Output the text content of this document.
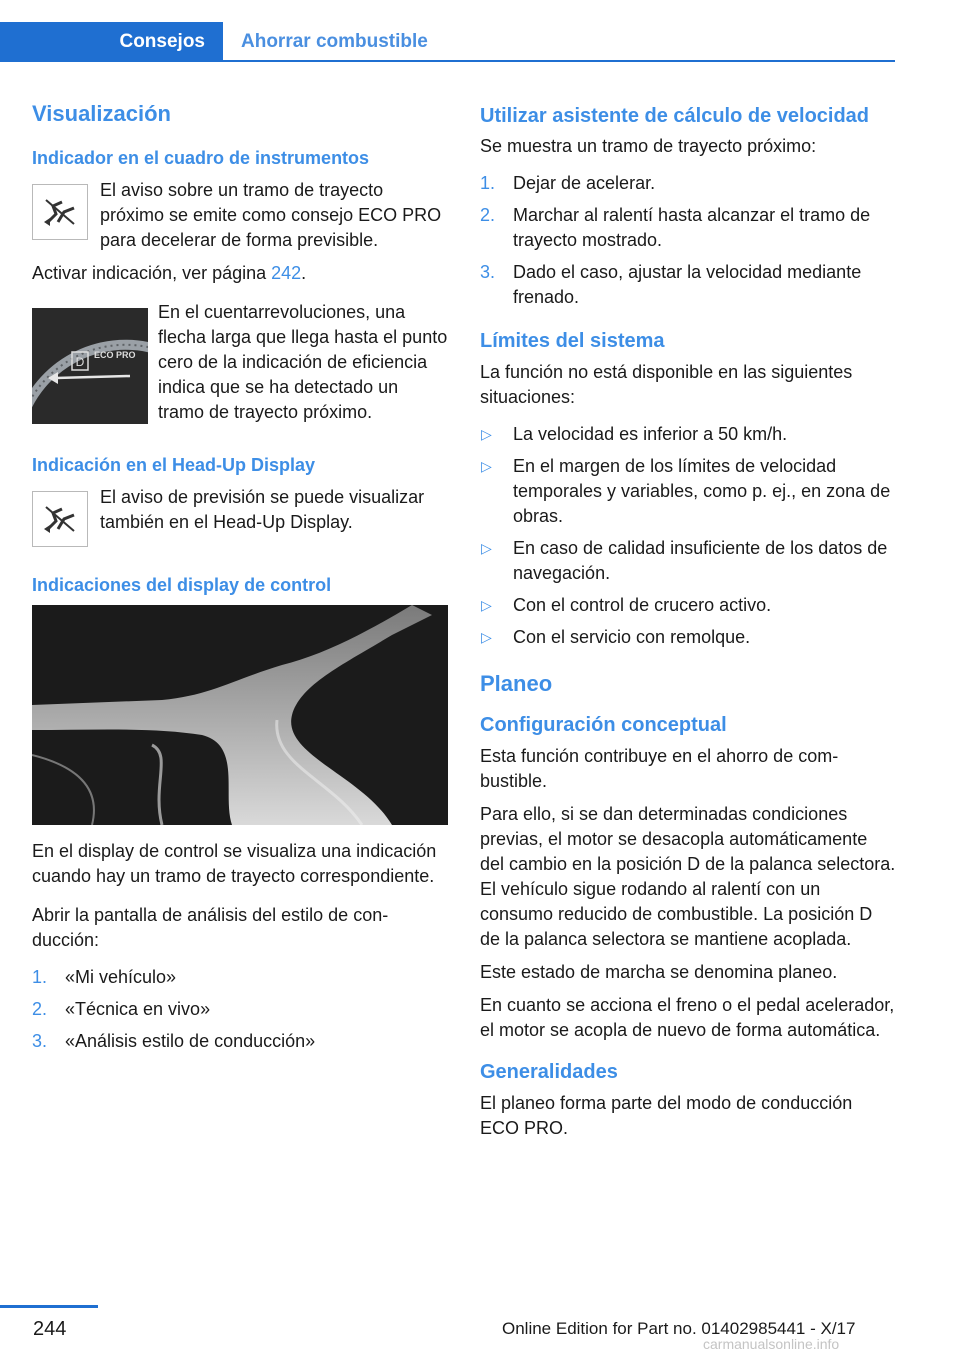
Consejos	Ahorrar combustible
Visualización
Indicador en el cuadro de instrumentos

El aviso sobre un tramo de trayecto próximo se emite como consejo ECO PRO para decelerar de forma previsible.

Activar indicación, ver página 242.

D ECO PRO

En el cuentarrevoluciones, una flecha larga que llega hasta el punto cero de la indicación de eficiencia indica que se ha detectado un tramo de trayecto próximo.

Indicación en el Head-Up Display

El aviso de previsión se puede visualizar también en el Head-Up Display.

Indicaciones del display de control

En el display de control se visualiza una indicación cuando hay un tramo de trayecto correspondiente.

Abrir la pantalla de análisis del estilo de conducción:

1. «Mi vehículo»
2. «Técnica en vivo»
3. «Análisis estilo de conducción»
Utilizar asistente de cálculo de velocidad

Se muestra un tramo de trayecto próximo:

1. Dejar de acelerar.
2. Marchar al ralentí hasta alcanzar el tramo de trayecto mostrado.
3. Dado el caso, ajustar la velocidad mediante frenado.
Límites del sistema

La función no está disponible en las siguientes situaciones:

▷ La velocidad es inferior a 50 km/h.
▷ En el margen de los límites de velocidad temporales y variables, como p. ej., en zona de obras.
▷ En caso de calidad insuficiente de los datos de navegación.
▷ Con el control de crucero activo.
▷ Con el servicio con remolque.
Planeo
Configuración conceptual

Esta función contribuye en el ahorro de combustible.

Para ello, si se dan determinadas condiciones previas, el motor se desacopla automáticamente del cambio en la posición D de la palanca selectora. El vehículo sigue rodando al ralentí con un consumo reducido de combustible. La posición D de la palanca selectora se mantiene acoplada.

Este estado de marcha se denomina planeo.

En cuanto se acciona el freno o el pedal acelerador, el motor se acopla de nuevo de forma automática.

Generalidades

El planeo forma parte del modo de conducción ECO PRO.

244	Online Edition for Part no. 01402985441 - X/17
carmanualsonline.info
